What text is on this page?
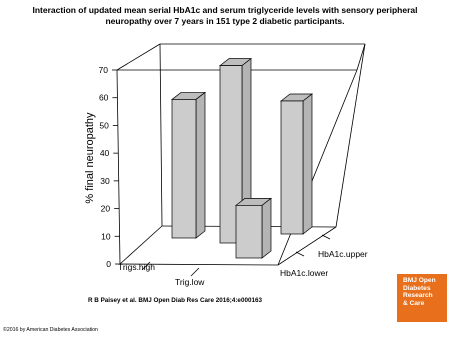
Interaction of updated mean serial HbA1c and serum triglyceride levels with sensory peripheral
neuropathy over 7 years in 151 type 2 diabetic participants.
0
10
20
30
40
50
60
70
Trigs.high
Trig.low
HbA1c.lower
HbA1c.upper
% final neuropathy
R B Paisey et al. BMJ Open Diab Res Care 2016;4:e000163
BMJ Open
Diabetes
Research
& Care
©2016 by American Diabetes Association
